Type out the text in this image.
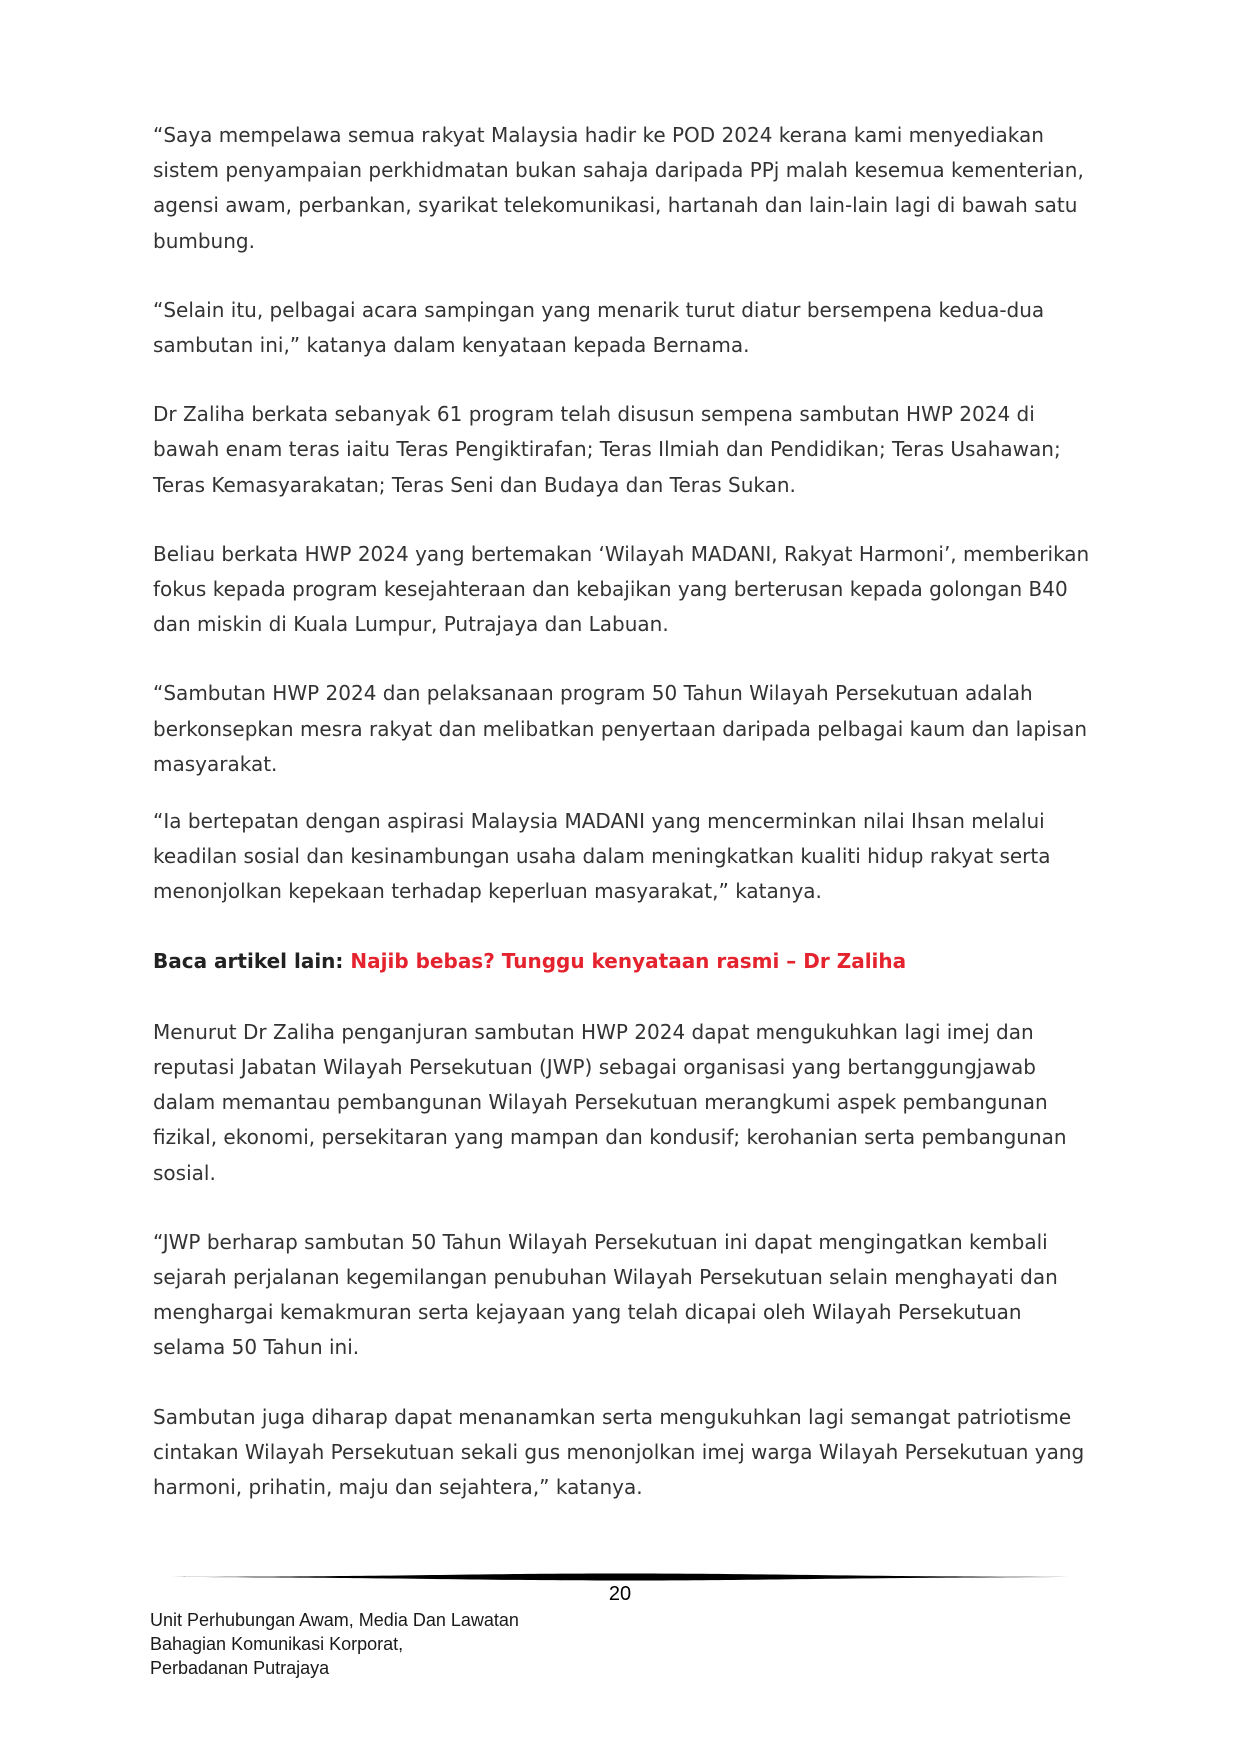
“Saya mempelawa semua rakyat Malaysia hadir ke POD 2024 kerana kami menyediakan sistem penyampaian perkhidmatan bukan sahaja daripada PPj malah kesemua kementerian, agensi awam, perbankan, syarikat telekomunikasi, hartanah dan lain-lain lagi di bawah satu bumbung.

“Selain itu, pelbagai acara sampingan yang menarik turut diatur bersempena kedua-dua sambutan ini,” katanya dalam kenyataan kepada Bernama.

Dr Zaliha berkata sebanyak 61 program telah disusun sempena sambutan HWP 2024 di bawah enam teras iaitu Teras Pengiktirafan; Teras Ilmiah dan Pendidikan; Teras Usahawan; Teras Kemasyarakatan; Teras Seni dan Budaya dan Teras Sukan.

Beliau berkata HWP 2024 yang bertemakan ‘Wilayah MADANI, Rakyat Harmoni’, memberikan fokus kepada program kesejahteraan dan kebajikan yang berterusan kepada golongan B40 dan miskin di Kuala Lumpur, Putrajaya dan Labuan.

“Sambutan HWP 2024 dan pelaksanaan program 50 Tahun Wilayah Persekutuan adalah berkonsepkan mesra rakyat dan melibatkan penyertaan daripada pelbagai kaum dan lapisan masyarakat.

“Ia bertepatan dengan aspirasi Malaysia MADANI yang mencerminkan nilai Ihsan melalui keadilan sosial dan kesinambungan usaha dalam meningkatkan kualiti hidup rakyat serta menonjolkan kepekaan terhadap keperluan masyarakat,” katanya.

Baca artikel lain: Najib bebas? Tunggu kenyataan rasmi – Dr Zaliha

Menurut Dr Zaliha penganjuran sambutan HWP 2024 dapat mengukuhkan lagi imej dan reputasi Jabatan Wilayah Persekutuan (JWP) sebagai organisasi yang bertanggungjawab dalam memantau pembangunan Wilayah Persekutuan merangkumi aspek pembangunan fizikal, ekonomi, persekitaran yang mampan dan kondusif; kerohanian serta pembangunan sosial.

“JWP berharap sambutan 50 Tahun Wilayah Persekutuan ini dapat mengingatkan kembali sejarah perjalanan kegemilangan penubuhan Wilayah Persekutuan selain menghayati dan menghargai kemakmuran serta kejayaan yang telah dicapai oleh Wilayah Persekutuan selama 50 Tahun ini.

Sambutan juga diharap dapat menanamkan serta mengukuhkan lagi semangat patriotisme cintakan Wilayah Persekutuan sekali gus menonjolkan imej warga Wilayah Persekutuan yang harmoni, prihatin, maju dan sejahtera,” katanya.

20
Unit Perhubungan Awam, Media Dan Lawatan
Bahagian Komunikasi Korporat,
Perbadanan Putrajaya
